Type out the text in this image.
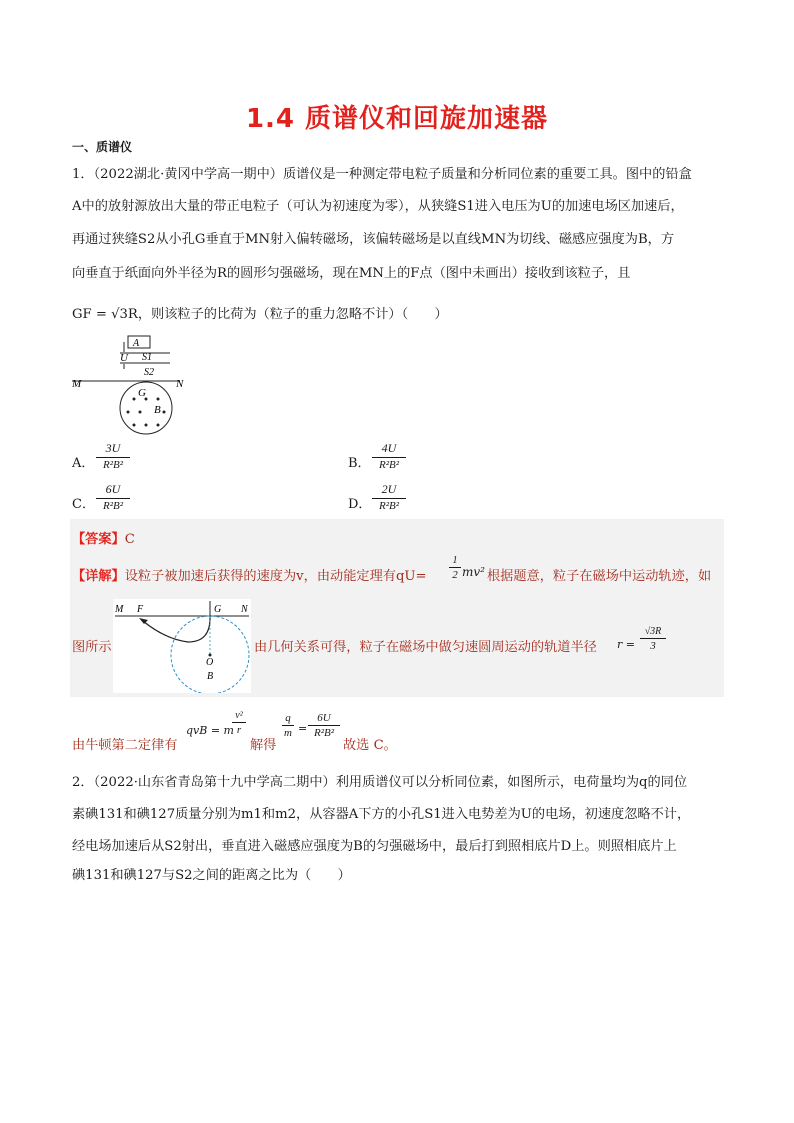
1.4 质谱仪和回旋加速器
一、质谱仪
1．（2022湖北·黄冈中学高一期中）质谱仪是一种测定带电粒子质量和分析同位素的重要工具。图中的铅盒
A中的放射源放出大量的带正电粒子（可认为初速度为零），从狭缝S1进入电压为U的加速电场区加速后，
再通过狭缝S2从小孔G垂直于MN射入偏转磁场，该偏转磁场是以直线MN为切线、磁感应强度为B，方
向垂直于纸面向外半径为R的圆形匀强磁场，现在MN上的F点（图中未画出）接收到该粒子，且
GF = √3R，则该粒子的比荷为（粒子的重力忽略不计）（　　）
A
U S1
S2
M	N
G
B
A． $\frac{3U}{\text{R²B²}}$	B． $\frac{4U}{\text{R²B²}}$
C． $\frac{6U}{\text{R²B²}}$	D． $\frac{2U}{\text{R²B²}}$
【答案】C
【详解】设粒子被加速后获得的速度为v，由动能定理有$qU= \frac{1}{2} mv^2$ 根据题意，粒子在磁场中运动轨迹，如
图所示
M F	G N
O
B
由几何关系可得，粒子在磁场中做匀速圆周运动的轨道半径 $r = \frac{√3R}{3}$
由牛顿第二定律有
qvB = m
$\frac{\text{v²}}{r}$
解得
$\frac{q}{m} = \frac{6U}{\text{R²B²}}$
故选 C。
2．（2022·山东省青岛第十九中学高二期中）利用质谱仪可以分析同位素，如图所示，电荷量均为q的同位
素碘131和碘127质量分别为m1和m2，从容器A下方的小孔S1进入电势差为U的电场，初速度忽略不计，
经电场加速后从S2射出，垂直进入磁感应强度为B的匀强磁场中，最后打到照相底片D上。则照相底片上
碘131和碘127与S2之间的距离之比为（　　）
